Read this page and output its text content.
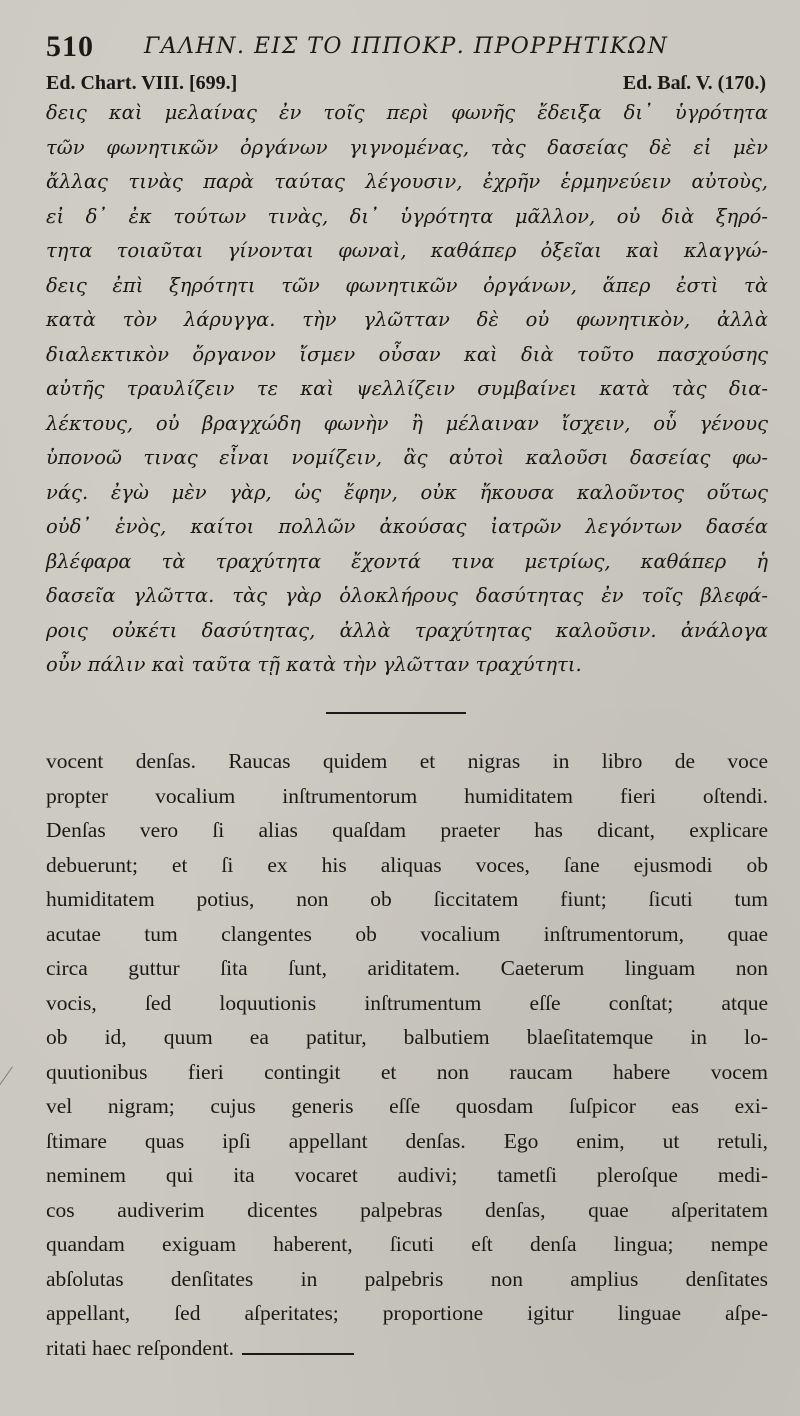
510 ΓΑΛΗΝ. ΕΙΣ ΤΟ ΙΠΠΟΚΡ. ΠΡΟΡΡΗΤΙΚΩΝ
Ed. Chart. VIII. [699.]	Ed. Baſ. V. (170.)
δεις καὶ μελαίνας ἐν τοῖς περὶ φωνῆς ἔδειξα δι᾽ ὑγρότητα
τῶν φωνητικῶν ὀργάνων γιγνομένας, τὰς δασείας δὲ εἰ μὲν
ἄλλας τινὰς παρὰ ταύτας λέγουσιν, ἐχρῆν ἑρμηνεύειν αὐτοὺς,
εἰ δ᾽ ἐκ τούτων τινὰς, δι᾽ ὑγρότητα μᾶλλον, οὐ διὰ ξηρό-
τητα τοιαῦται γίνονται φωναὶ, καθάπερ ὀξεῖαι καὶ κλαγγώ-
δεις ἐπὶ ξηρότητι τῶν φωνητικῶν ὀργάνων, ἅπερ ἐστὶ τὰ
κατὰ τὸν λάρυγγα. τὴν γλῶτταν δὲ οὐ φωνητικὸν, ἀλλὰ
διαλεκτικὸν ὄργανον ἴσμεν οὖσαν καὶ διὰ τοῦτο πασχούσης
αὐτῆς τραυλίζειν τε καὶ ψελλίζειν συμβαίνει κατὰ τὰς δια-
λέκτους, οὐ βραγχώδη φωνὴν ἢ μέλαιναν ἴσχειν, οὗ γένους
ὑπονοῶ τινας εἶναι νομίζειν, ἃς αὐτοὶ καλοῦσι δασείας φω-
νάς. ἐγὼ μὲν γὰρ, ὡς ἔφην, οὐκ ἤκουσα καλοῦντος οὕτως
οὐδ᾽ ἑνὸς, καίτοι πολλῶν ἀκούσας ἰατρῶν λεγόντων δασέα
βλέφαρα τὰ τραχύτητα ἔχοντά τινα μετρίως, καθάπερ ἡ
δασεῖα γλῶττα. τὰς γὰρ ὁλοκλήρους δασύτητας ἐν τοῖς βλεφά-
ροις οὐκέτι δασύτητας, ἀλλὰ τραχύτητας καλοῦσιν. ἀνάλογα
οὖν πάλιν καὶ ταῦτα τῇ κατὰ τὴν γλῶτταν τραχύτητι.
vocent denſas. Raucas quidem et nigras in libro de voce
propter vocalium inſtrumentorum humiditatem fieri oſtendi.
Denſas vero ſi alias quaſdam praeter has dicant, explicare
debuerunt; et ſi ex his aliquas voces, ſane ejusmodi ob
humiditatem potius, non ob ſiccitatem fiunt; ſicuti tum
acutae tum clangentes ob vocalium inſtrumentorum, quae
circa guttur ſita ſunt, ariditatem. Caeterum linguam non
vocis, ſed loquutionis inſtrumentum eſſe conſtat; atque
ob id, quum ea patitur, balbutiem blaeſitatemque in lo-
quutionibus fieri contingit et non raucam habere vocem
vel nigram; cujus generis eſſe quosdam ſuſpicor eas exi-
ſtimare quas ipſi appellant denſas. Ego enim, ut retuli,
neminem qui ita vocaret audivi; tametſi pleroſque medi-
cos audiverim dicentes palpebras denſas, quae aſperitatem
quandam exiguam haberent, ſicuti eſt denſa lingua; nempe
abſolutas denſitates in palpebris non amplius denſitates
appellant, ſed aſperitates; proportione igitur linguae aſpe-
ritati haec reſpondent.
